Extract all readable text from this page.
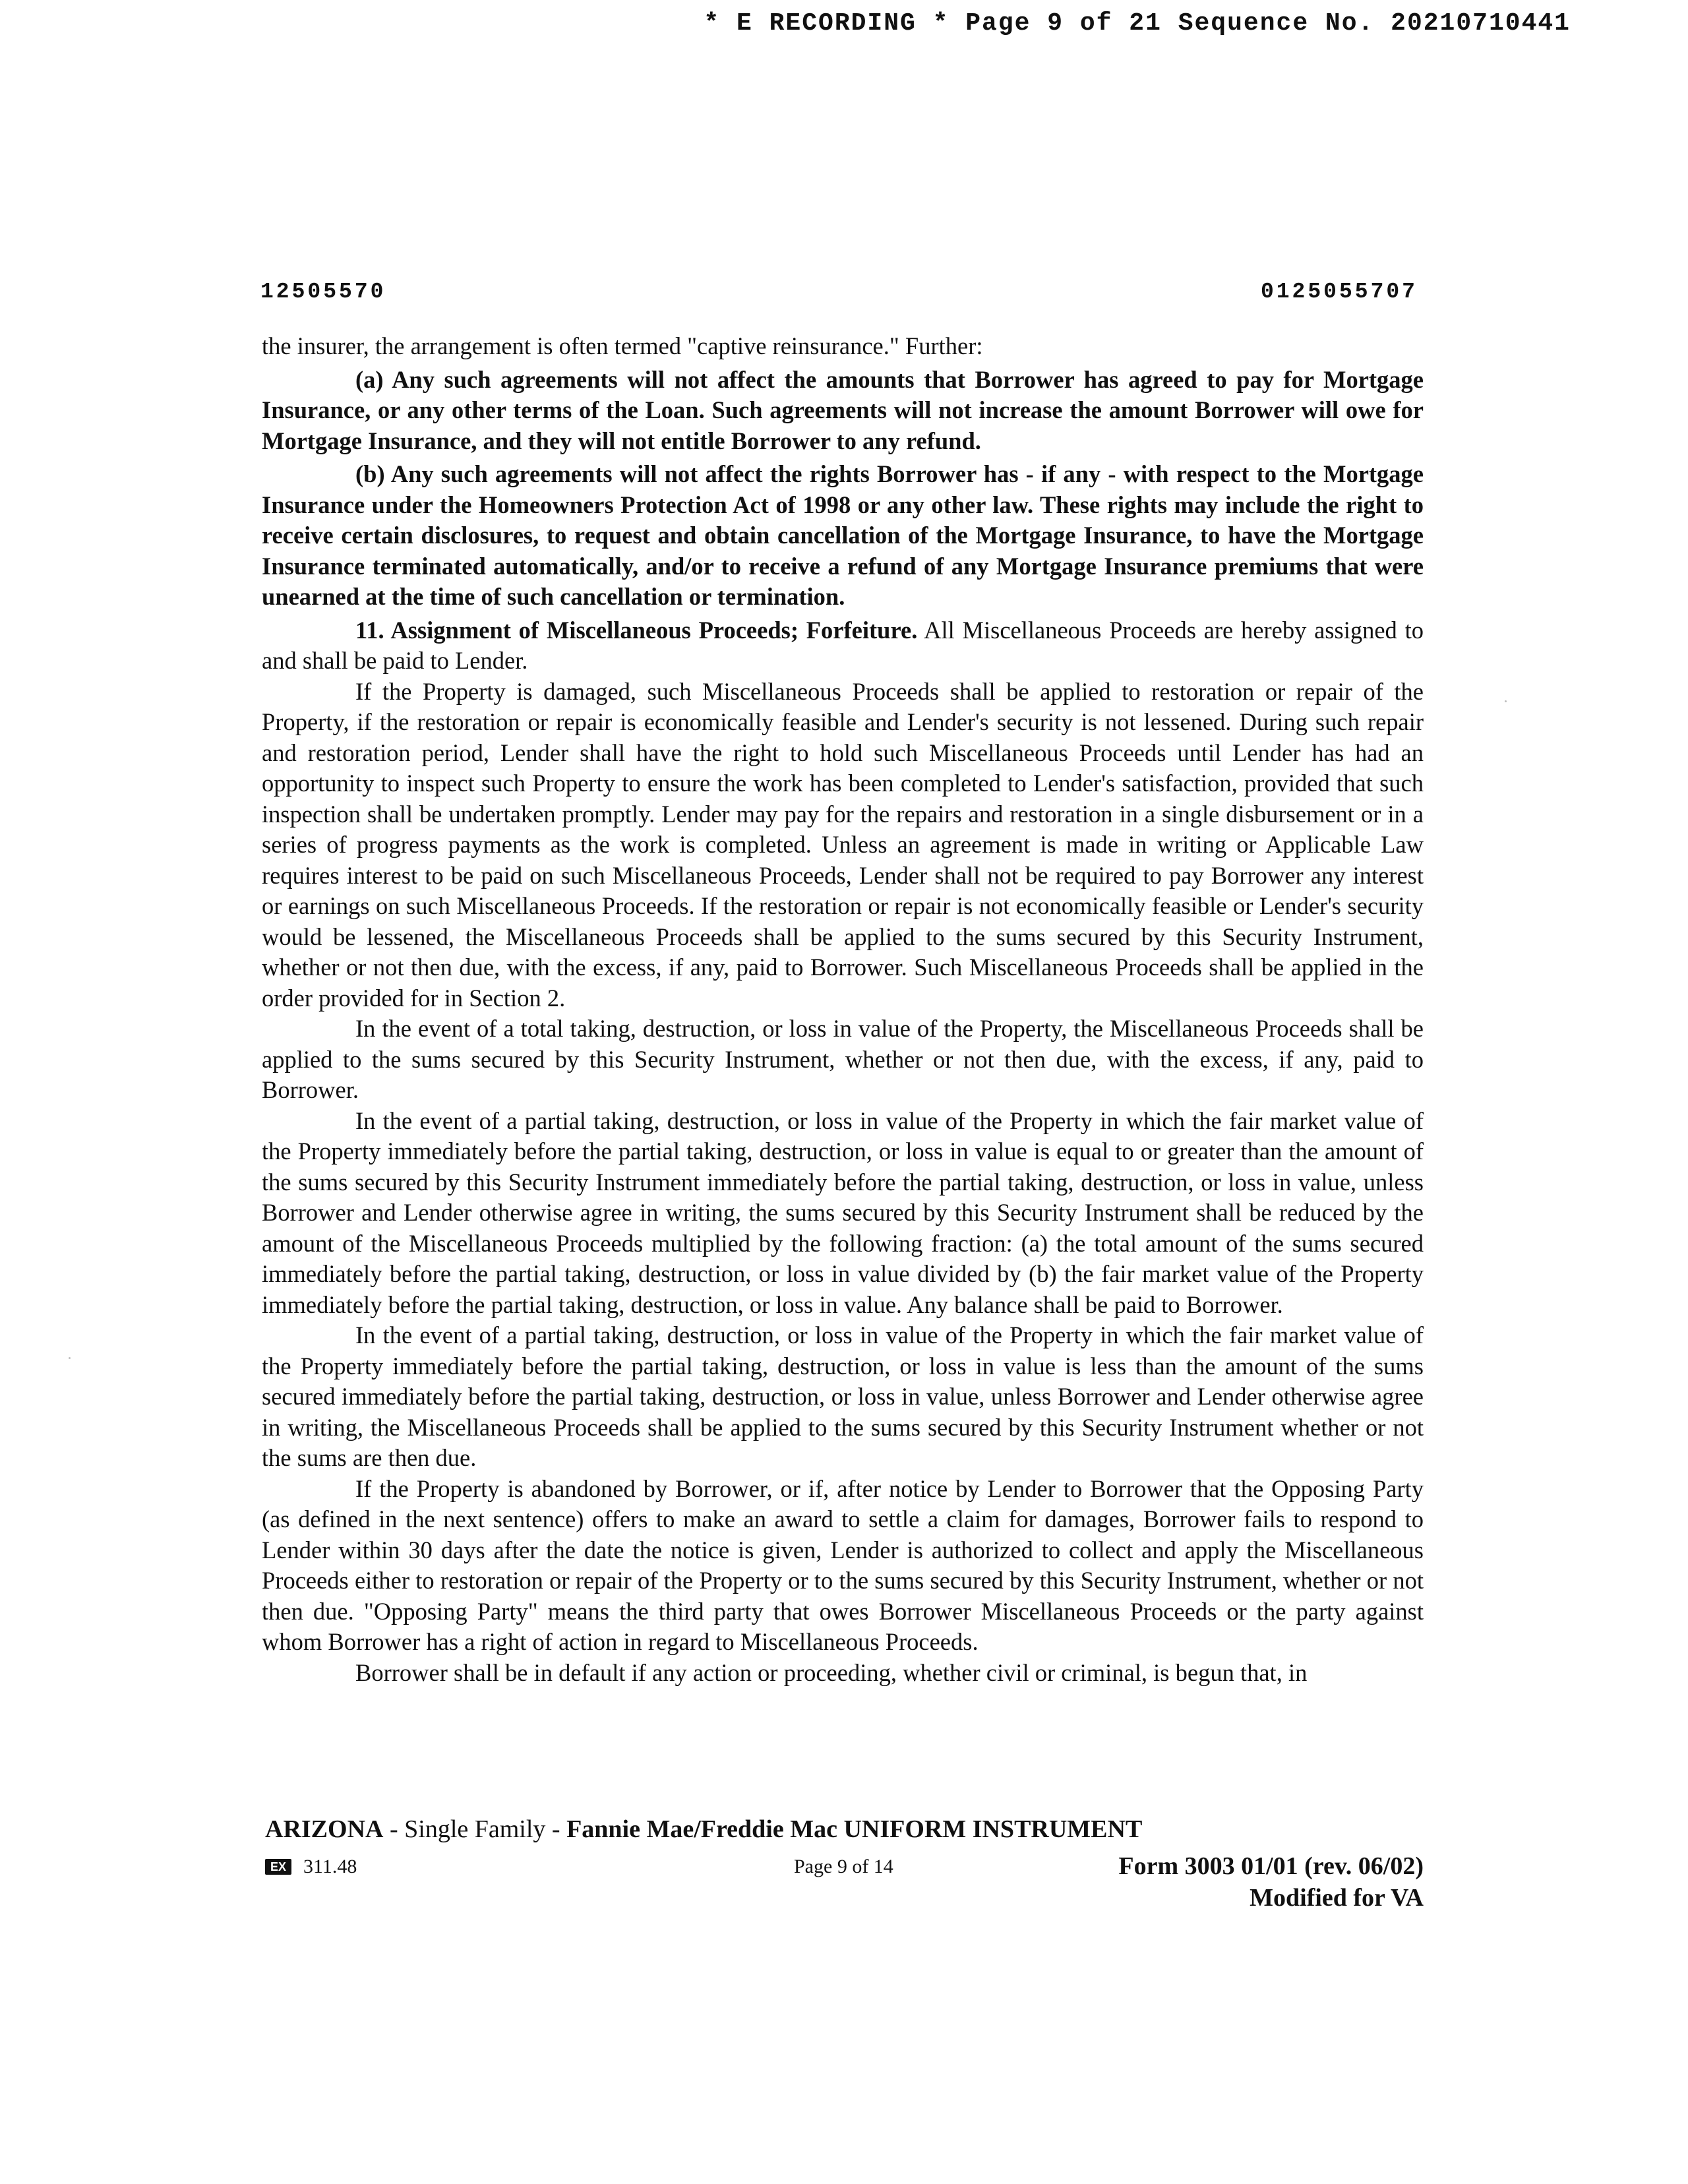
* E RECORDING * Page 9 of 21 Sequence No. 20210710441
12505570	0125055707

the insurer, the arrangement is often termed "captive reinsurance." Further:

(a) Any such agreements will not affect the amounts that Borrower has agreed to pay for Mortgage Insurance, or any other terms of the Loan. Such agreements will not increase the amount Borrower will owe for Mortgage Insurance, and they will not entitle Borrower to any refund.

(b) Any such agreements will not affect the rights Borrower has - if any - with respect to the Mortgage Insurance under the Homeowners Protection Act of 1998 or any other law. These rights may include the right to receive certain disclosures, to request and obtain cancellation of the Mortgage Insurance, to have the Mortgage Insurance terminated automatically, and/or to receive a refund of any Mortgage Insurance premiums that were unearned at the time of such cancellation or termination.

11. Assignment of Miscellaneous Proceeds; Forfeiture. All Miscellaneous Proceeds are hereby assigned to and shall be paid to Lender.

If the Property is damaged, such Miscellaneous Proceeds shall be applied to restoration or repair of the Property, if the restoration or repair is economically feasible and Lender's security is not lessened. During such repair and restoration period, Lender shall have the right to hold such Miscellaneous Proceeds until Lender has had an opportunity to inspect such Property to ensure the work has been completed to Lender's satisfaction, provided that such inspection shall be undertaken promptly. Lender may pay for the repairs and restoration in a single disbursement or in a series of progress payments as the work is completed. Unless an agreement is made in writing or Applicable Law requires interest to be paid on such Miscellaneous Proceeds, Lender shall not be required to pay Borrower any interest or earnings on such Miscellaneous Proceeds. If the restoration or repair is not economically feasible or Lender's security would be lessened, the Miscellaneous Proceeds shall be applied to the sums secured by this Security Instrument, whether or not then due, with the excess, if any, paid to Borrower. Such Miscellaneous Proceeds shall be applied in the order provided for in Section 2.

In the event of a total taking, destruction, or loss in value of the Property, the Miscellaneous Proceeds shall be applied to the sums secured by this Security Instrument, whether or not then due, with the excess, if any, paid to Borrower.

In the event of a partial taking, destruction, or loss in value of the Property in which the fair market value of the Property immediately before the partial taking, destruction, or loss in value is equal to or greater than the amount of the sums secured by this Security Instrument immediately before the partial taking, destruction, or loss in value, unless Borrower and Lender otherwise agree in writing, the sums secured by this Security Instrument shall be reduced by the amount of the Miscellaneous Proceeds multiplied by the following fraction: (a) the total amount of the sums secured immediately before the partial taking, destruction, or loss in value divided by (b) the fair market value of the Property immediately before the partial taking, destruction, or loss in value. Any balance shall be paid to Borrower.

In the event of a partial taking, destruction, or loss in value of the Property in which the fair market value of the Property immediately before the partial taking, destruction, or loss in value is less than the amount of the sums secured immediately before the partial taking, destruction, or loss in value, unless Borrower and Lender otherwise agree in writing, the Miscellaneous Proceeds shall be applied to the sums secured by this Security Instrument whether or not the sums are then due.

If the Property is abandoned by Borrower, or if, after notice by Lender to Borrower that the Opposing Party (as defined in the next sentence) offers to make an award to settle a claim for damages, Borrower fails to respond to Lender within 30 days after the date the notice is given, Lender is authorized to collect and apply the Miscellaneous Proceeds either to restoration or repair of the Property or to the sums secured by this Security Instrument, whether or not then due. "Opposing Party" means the third party that owes Borrower Miscellaneous Proceeds or the party against whom Borrower has a right of action in regard to Miscellaneous Proceeds.

Borrower shall be in default if any action or proceeding, whether civil or criminal, is begun that, in

ARIZONA - Single Family - Fannie Mae/Freddie Mac UNIFORM INSTRUMENT
EX 311.48	Page 9 of 14	Form 3003 01/01 (rev. 06/02)
Modified for VA
